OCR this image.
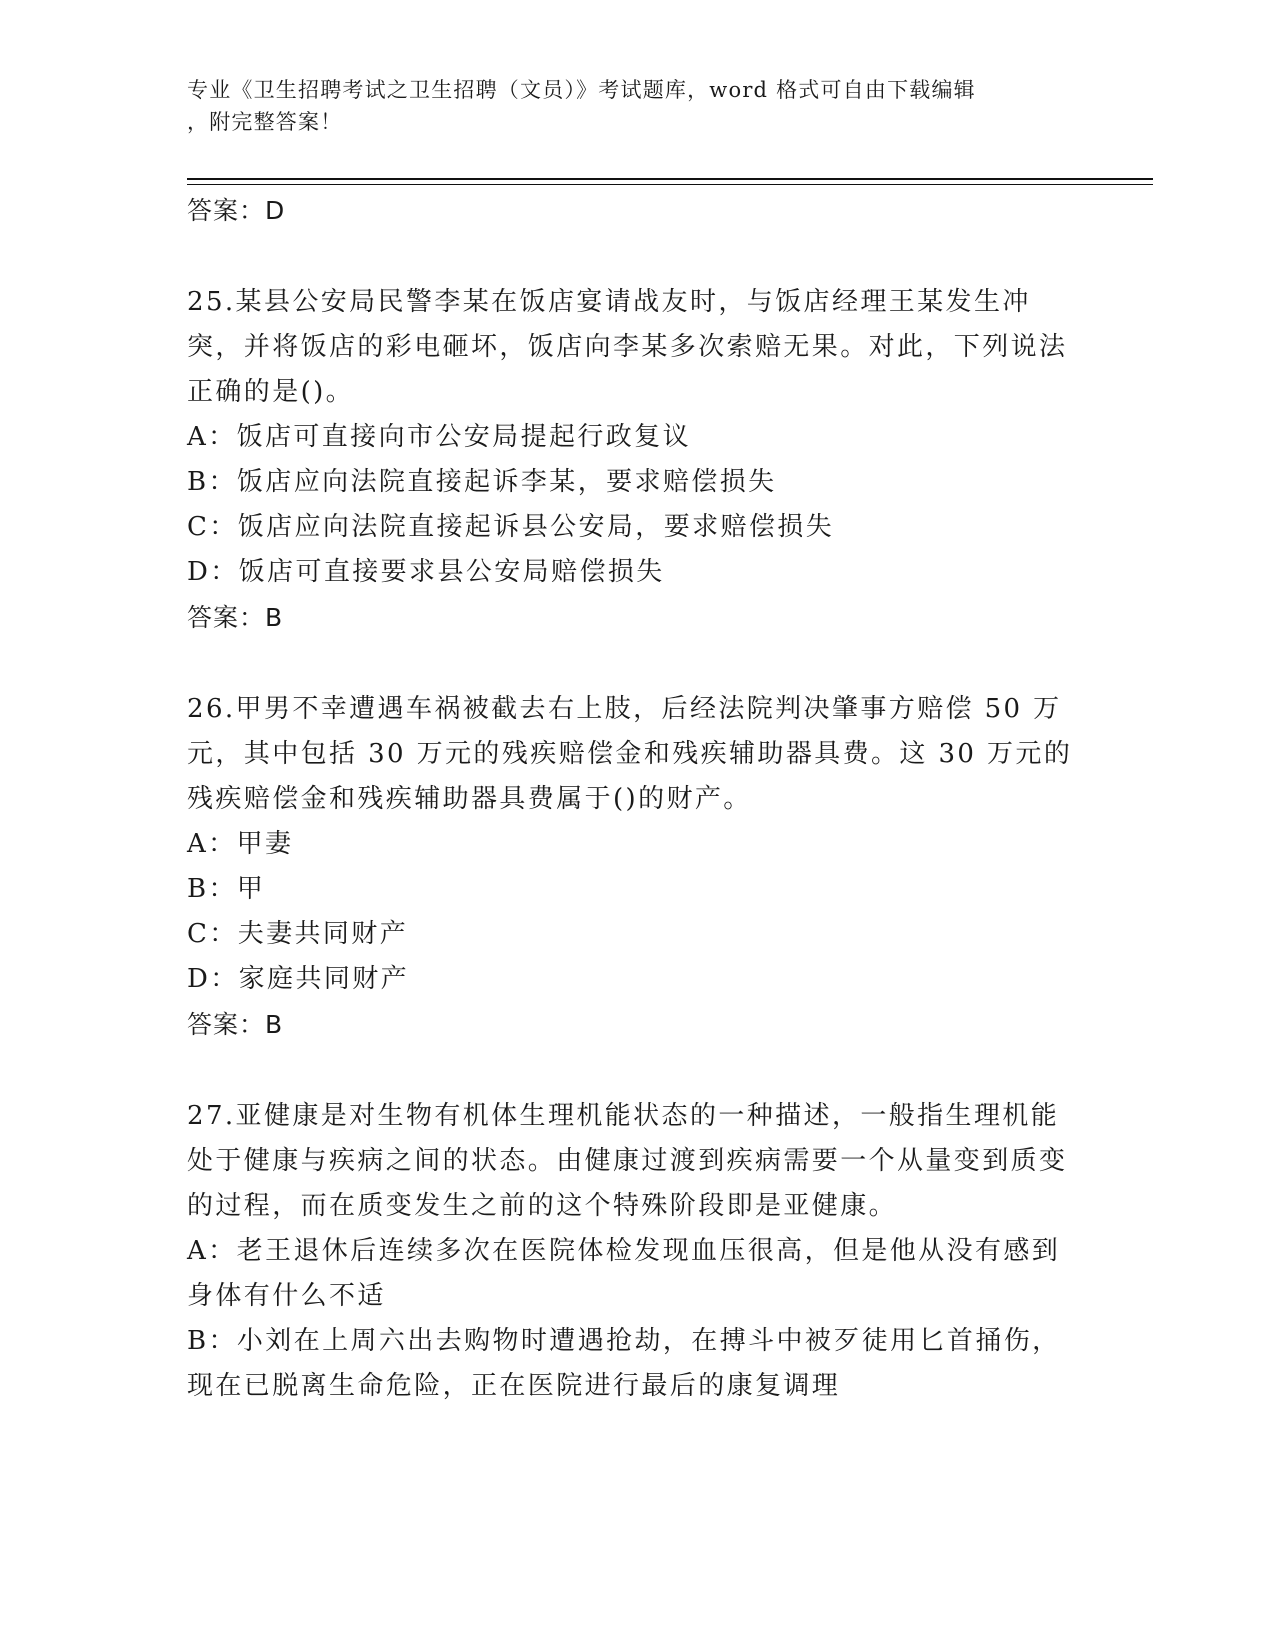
专业《卫生招聘考试之卫生招聘（文员）》考试题库，word 格式可自由下载编辑
，附完整答案！
答案：D
25.某县公安局民警李某在饭店宴请战友时，与饭店经理王某发生冲突，并将饭店的彩电砸坏，饭店向李某多次索赔无果。对此，下列说法正确的是()。
A：饭店可直接向市公安局提起行政复议
B：饭店应向法院直接起诉李某，要求赔偿损失
C：饭店应向法院直接起诉县公安局，要求赔偿损失
D：饭店可直接要求县公安局赔偿损失
答案：B
26.甲男不幸遭遇车祸被截去右上肢，后经法院判决肇事方赔偿 50 万元，其中包括 30 万元的残疾赔偿金和残疾辅助器具费。这 30 万元的残疾赔偿金和残疾辅助器具费属于()的财产。
A：甲妻
B：甲
C：夫妻共同财产
D：家庭共同财产
答案：B
27.亚健康是对生物有机体生理机能状态的一种描述，一般指生理机能处于健康与疾病之间的状态。由健康过渡到疾病需要一个从量变到质变的过程，而在质变发生之前的这个特殊阶段即是亚健康。
A：老王退休后连续多次在医院体检发现血压很高，但是他从没有感到身体有什么不适
B：小刘在上周六出去购物时遭遇抢劫，在搏斗中被歹徒用匕首捅伤，现在已脱离生命危险，正在医院进行最后的康复调理
